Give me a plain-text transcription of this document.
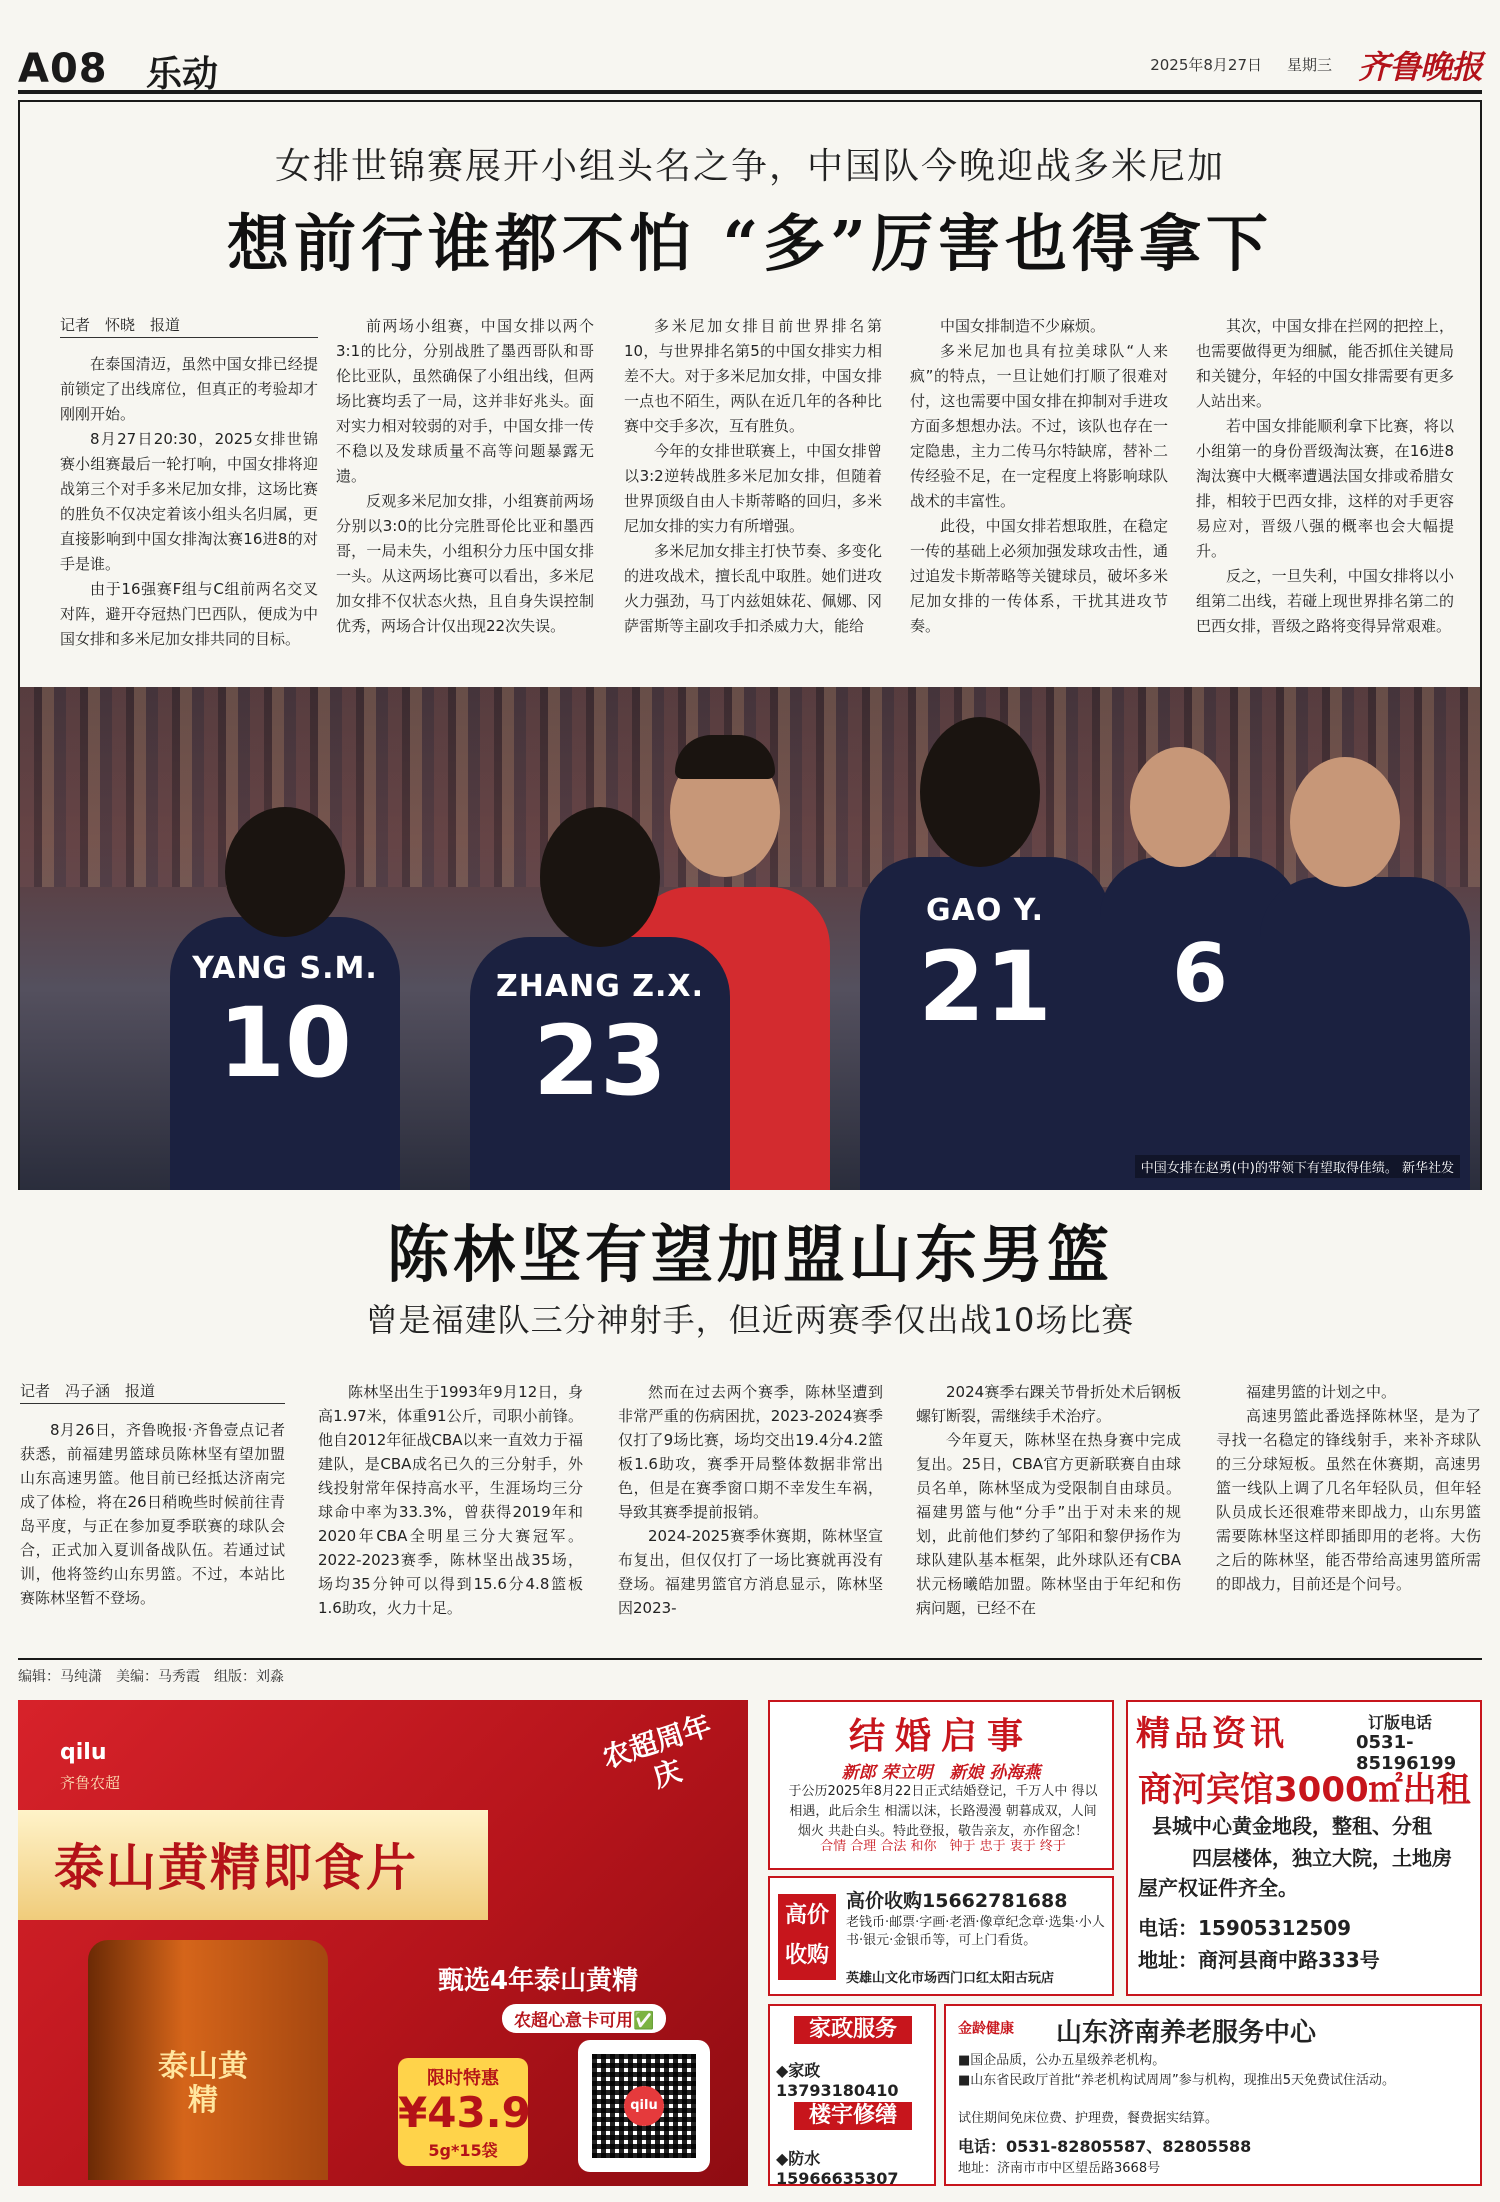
A08 乐动	2025年8月27日 星期三 齐鲁晚报
女排世锦赛展开小组头名之争，中国队今晚迎战多米尼加
想前行谁都不怕 “多”厉害也得拿下

记者　怀晓　报道

在泰国清迈，虽然中国女排已经提前锁定了出线席位，但真正的考验却才刚刚开始。

8月27日20:30，2025女排世锦赛小组赛最后一轮打响，中国女排将迎战第三个对手多米尼加女排，这场比赛的胜负不仅决定着该小组头名归属，更直接影响到中国女排淘汰赛16进8的对手是谁。

由于16强赛F组与C组前两名交叉对阵，避开夺冠热门巴西队，便成为中国女排和多米尼加女排共同的目标。

前两场小组赛，中国女排以两个3:1的比分，分别战胜了墨西哥队和哥伦比亚队，虽然确保了小组出线，但两场比赛均丢了一局，这并非好兆头。面对实力相对较弱的对手，中国女排一传不稳以及发球质量不高等问题暴露无遗。

反观多米尼加女排，小组赛前两场分别以3:0的比分完胜哥伦比亚和墨西哥，一局未失，小组积分力压中国女排一头。从这两场比赛可以看出，多米尼加女排不仅状态火热，且自身失误控制优秀，两场合计仅出现22次失误。

多米尼加女排目前世界排名第10，与世界排名第5的中国女排实力相差不大。对于多米尼加女排，中国女排一点也不陌生，两队在近几年的各种比赛中交手多次，互有胜负。

今年的女排世联赛上，中国女排曾以3:2逆转战胜多米尼加女排，但随着世界顶级自由人卡斯蒂略的回归，多米尼加女排的实力有所增强。

多米尼加女排主打快节奏、多变化的进攻战术，擅长乱中取胜。她们进攻火力强劲，马丁内兹姐妹花、佩娜、冈萨雷斯等主副攻手扣杀威力大，能给

中国女排制造不少麻烦。

多米尼加也具有拉美球队“人来疯”的特点，一旦让她们打顺了很难对付，这也需要中国女排在抑制对手进攻方面多想想办法。不过，该队也存在一定隐患，主力二传马尔特缺席，替补二传经验不足，在一定程度上将影响球队战术的丰富性。

此役，中国女排若想取胜，在稳定一传的基础上必须加强发球攻击性，通过追发卡斯蒂略等关键球员，破坏多米尼加女排的一传体系，干扰其进攻节奏。

其次，中国女排在拦网的把控上，也需要做得更为细腻，能否抓住关键局和关键分，年轻的中国女排需要有更多人站出来。

若中国女排能顺利拿下比赛，将以小组第一的身份晋级淘汰赛，在16进8淘汰赛中大概率遭遇法国女排或希腊女排，相较于巴西女排，这样的对手更容易应对，晋级八强的概率也会大幅提升。

反之，一旦失利，中国女排将以小组第二出线，若碰上现世界排名第二的巴西女排，晋级之路将变得异常艰难。

YANG S.M.
10
ZHANG Z.X.
23
GAO Y.
21	6
中国女排在赵勇(中)的带领下有望取得佳绩。 新华社发
陈林坚有望加盟山东男篮
曾是福建队三分神射手，但近两赛季仅出战10场比赛

记者　冯子涵　报道

8月26日，齐鲁晚报·齐鲁壹点记者获悉，前福建男篮球员陈林坚有望加盟山东高速男篮。他目前已经抵达济南完成了体检，将在26日稍晚些时候前往青岛平度，与正在参加夏季联赛的球队会合，正式加入夏训备战队伍。若通过试训，他将签约山东男篮。不过，本站比赛陈林坚暂不登场。

陈林坚出生于1993年9月12日，身高1.97米，体重91公斤，司职小前锋。他自2012年征战CBA以来一直效力于福建队，是CBA成名已久的三分射手，外线投射常年保持高水平，生涯场均三分球命中率为33.3%，曾获得2019年和2020年CBA全明星三分大赛冠军。2022-2023赛季，陈林坚出战35场，场均35分钟可以得到15.6分4.8篮板1.6助攻，火力十足。

然而在过去两个赛季，陈林坚遭到非常严重的伤病困扰，2023-2024赛季仅打了9场比赛，场均交出19.4分4.2篮板1.6助攻，赛季开局整体数据非常出色，但是在赛季窗口期不幸发生车祸，导致其赛季提前报销。

2024-2025赛季休赛期，陈林坚宣布复出，但仅仅打了一场比赛就再没有登场。福建男篮官方消息显示，陈林坚因2023-

2024赛季右踝关节骨折处术后钢板螺钉断裂，需继续手术治疗。

今年夏天，陈林坚在热身赛中完成复出。25日，CBA官方更新联赛自由球员名单，陈林坚成为受限制自由球员。福建男篮与他“分手”出于对未来的规划，此前他们梦约了邹阳和黎伊扬作为球队建队基本框架，此外球队还有CBA状元杨曦皓加盟。陈林坚由于年纪和伤病问题，已经不在

福建男篮的计划之中。

高速男篮此番选择陈林坚，是为了寻找一名稳定的锋线射手，来补齐球队的三分球短板。虽然在休赛期，高速男篮一线队上调了几名年轻队员，但年轻队员成长还很难带来即战力，山东男篮需要陈林坚这样即插即用的老将。大伤之后的陈林坚，能否带给高速男篮所需的即战力，目前还是个问号。

编辑：马纯潇　美编：马秀霞　组版：刘淼
qilu
齐鲁农超
农超周年庆
泰山黄精即食片
泰山黄精
甄选4年泰山黄精
农超心意卡可用✅
限时特惠
¥43.9
5g*15袋
qilu
结婚启事
新郎 荣立明　新娘 孙海燕
于公历2025年8月22日正式结婚登记，千万人中 得以相遇，此后余生 相濡以沫，长路漫漫 朝暮成双，人间烟火 共赴白头。特此登报，敬告亲友，亦作留念！
合情 合理 合法 和你　钟于 忠于 衷于 终于
高价收购
高价收购15662781688
老钱币·邮票·字画·老酒·像章纪念章·选集·小人书·银元·金银币等，可上门看货。
英雄山文化市场西门口红太阳古玩店
家政服务
◆家政13793180410
楼宇修缮
◆防水15966635307
精品资讯	订版电话
0531-85196199
商河宾馆3000㎡出租
县城中心黄金地段，整租、分租
四层楼体，独立大院，土地房
屋产权证件齐全。
电话：15905312509
地址：商河县商中路333号
金龄健康 山东济南养老服务中心
■国企品质，公办五星级养老机构。
■山东省民政厅首批“养老机构试周周”参与机构，现推出5天免费试住活动。
试住期间免床位费、护理费，餐费据实结算。
电话：0531-82805587、82805588
地址：济南市市中区望岳路3668号
